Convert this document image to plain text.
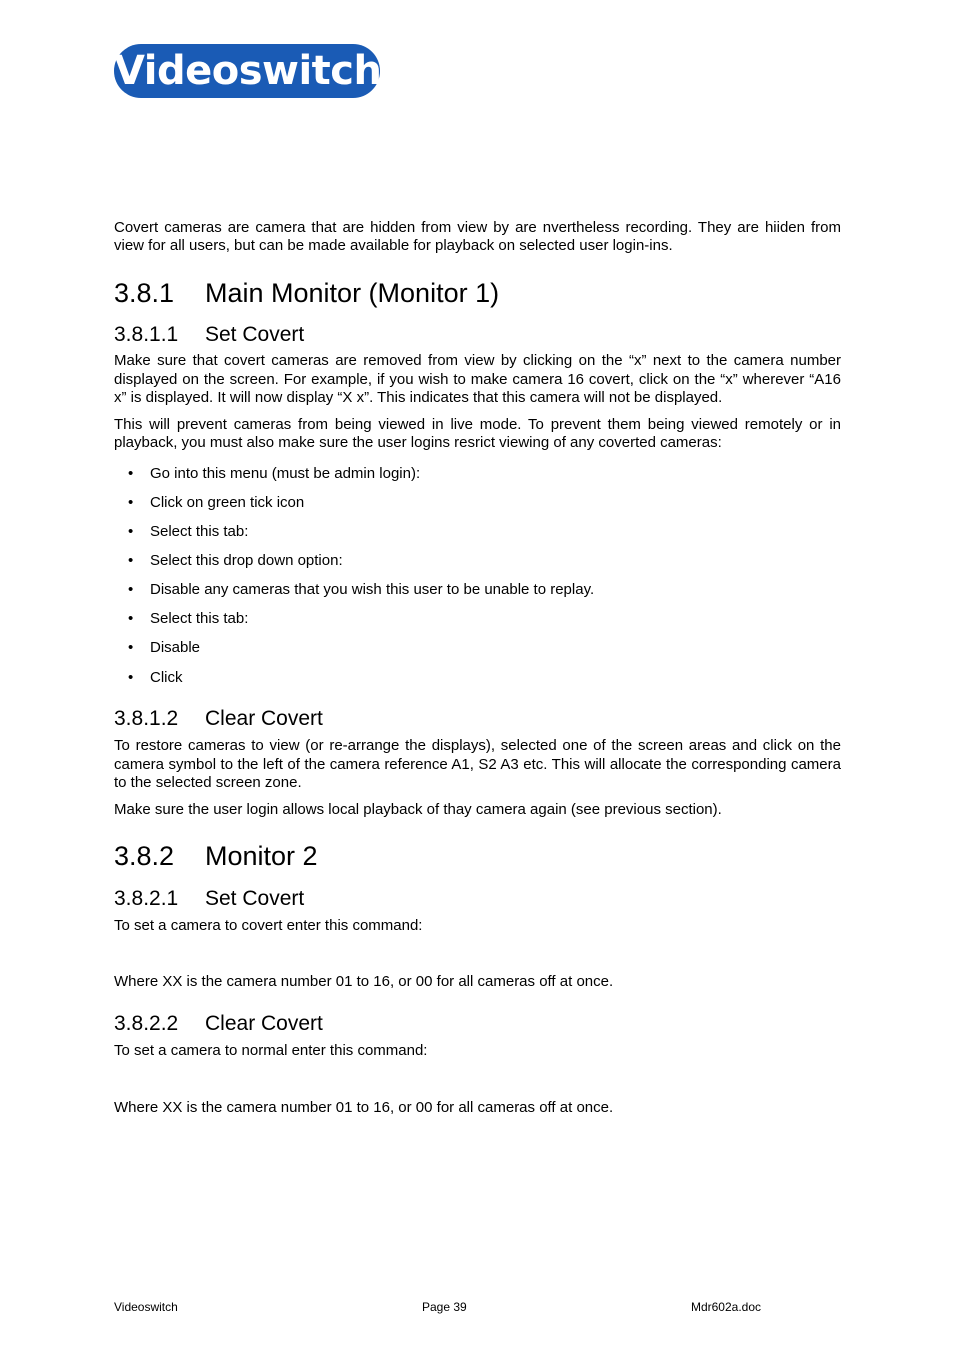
Videoswitch

Covert cameras are camera that are hidden from view by are nvertheless recording. They are hiiden from view for all users, but can be made available for playback on selected user login-ins.

3.8.1	Main Monitor (Monitor 1)
3.8.1.1	Set Covert

Make sure that covert cameras are removed from view by clicking on the “x” next to the camera number displayed on the screen. For example, if you wish to make camera 16 covert, click on the “x” wherever “A16 x” is displayed. It will now display “X x”. This indicates that this camera will not be displayed.

This will prevent cameras from being viewed in live mode. To prevent them being viewed remotely or in playback, you must also make sure the user logins resrict viewing of any coverted cameras:

•	Go into this menu (must be admin login):
•	Click on green tick icon
•	Select this tab:
•	Select this drop down option:
•	Disable any cameras that you wish this user to be unable to replay.
•	Select this tab:
•	Disable
•	Click
3.8.1.2	Clear Covert

To restore cameras to view (or re-arrange the displays), selected one of the screen areas and click on the camera symbol to the left of the camera reference A1, S2 A3 etc. This will allocate the corresponding camera to the selected screen zone.

Make sure the user login allows local playback of thay camera again (see previous section).

3.8.2	Monitor 2
3.8.2.1	Set Covert

To set a camera to covert enter this command:

Where XX is the camera number 01 to 16, or 00 for all cameras off at once.

3.8.2.2	Clear Covert

To set a camera to normal enter this command:

Where XX is the camera number 01 to 16, or 00 for all cameras off at once.

Videoswitch	Page 39	Mdr602a.doc
